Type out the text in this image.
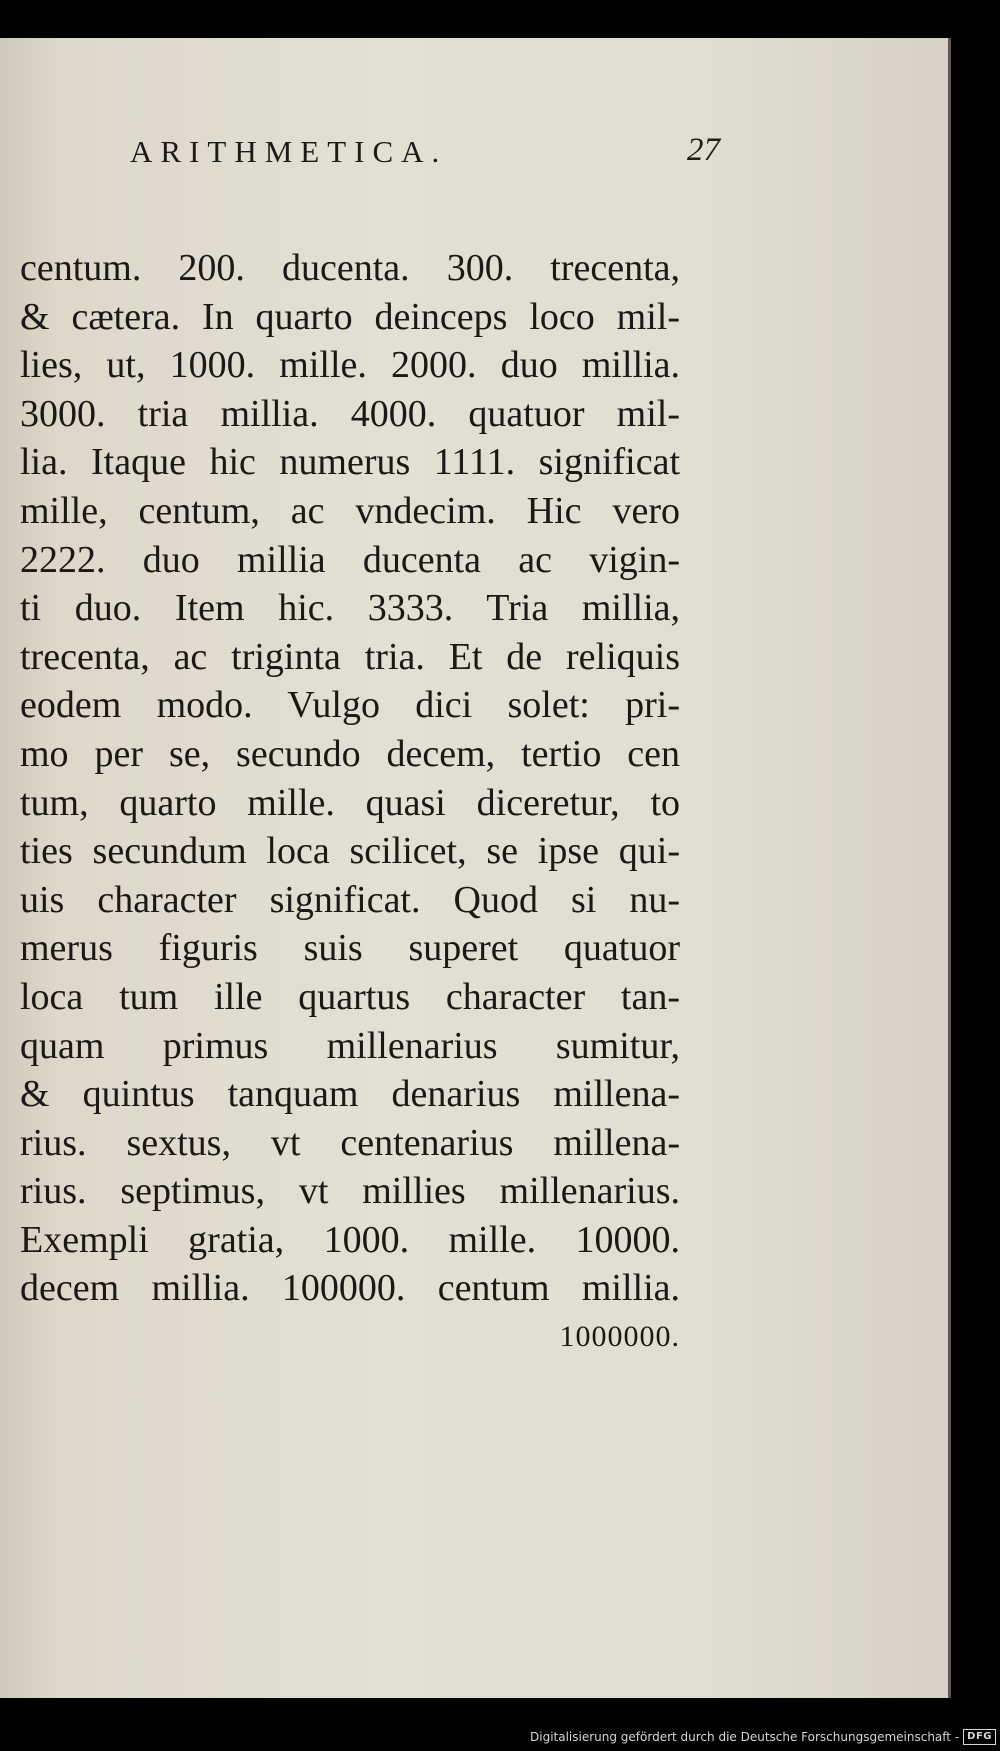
ARITHMETICA.	27
centum. 200. ducenta. 300. trecenta,
& cætera. In quarto deinceps loco mil-
lies, ut, 1000. mille. 2000. duo millia.
3000. tria millia. 4000. quatuor mil-
lia. Itaque hic numerus 1111. significat
mille, centum, ac vndecim. Hic vero
2222. duo millia ducenta ac vigin-
ti duo. Item hic. 3333. Tria millia,
trecenta, ac triginta tria. Et de reliquis
eodem modo. Vulgo dici solet: pri-
mo per se, secundo decem, tertio cen
tum, quarto mille. quasi diceretur, to
ties secundum loca scilicet, se ipse qui-
uis character significat. Quod si nu-
merus figuris suis superet quatuor
loca tum ille quartus character tan-
quam primus millenarius sumitur,
& quintus tanquam denarius millena-
rius. sextus, vt centenarius millena-
rius. septimus, vt millies millenarius.
Exempli gratia, 1000. mille. 10000.
decem millia. 100000. centum millia.
1000000.
Digitalisierung gefördert durch die Deutsche Forschungsgemeinschaft - DFG
